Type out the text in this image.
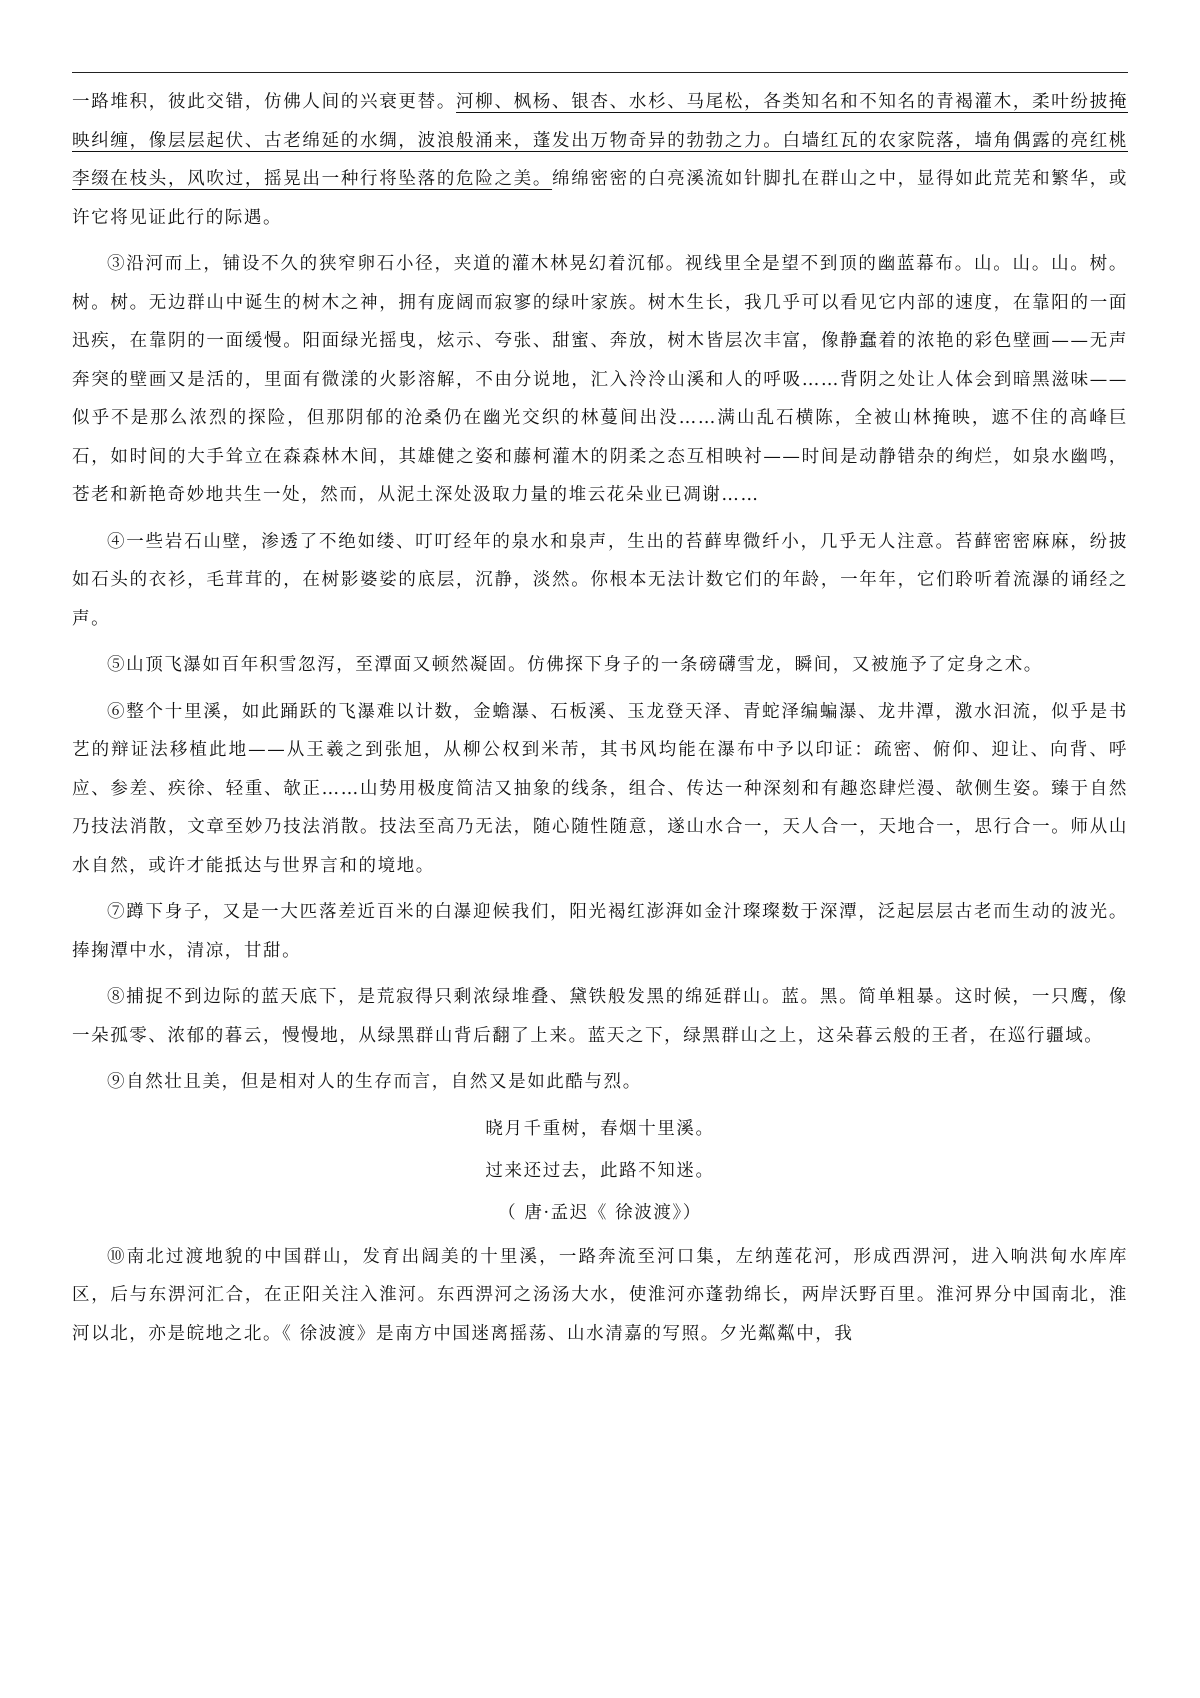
一路堆积，彼此交错，仿佛人间的兴衰更替。河柳、枫杨、银杏、水杉、马尾松，各类知名和不知名的青褐灌木，柔叶纷披掩映纠缠，像层层起伏、古老绵延的水绸，波浪般涌来，蓬发出万物奇异的勃勃之力。白墙红瓦的农家院落，墙角偶露的亮红桃李缀在枝头，风吹过，摇晃出一种行将坠落的危险之美。绵绵密密的白亮溪流如针脚扎在群山之中，显得如此荒芜和繁华，或许它将见证此行的际遇。

③沿河而上，铺设不久的狭窄卵石小径，夹道的灌木林晃幻着沉郁。视线里全是望不到顶的幽蓝幕布。山。山。山。树。树。树。无边群山中诞生的树木之神，拥有庞阔而寂寥的绿叶家族。树木生长，我几乎可以看见它内部的速度，在靠阳的一面迅疾，在靠阴的一面缓慢。阳面绿光摇曳，炫示、夸张、甜蜜、奔放，树木皆层次丰富，像静蠢着的浓艳的彩色壁画——无声奔突的壁画又是活的，里面有微漾的火影溶解，不由分说地，汇入泠泠山溪和人的呼吸……背阴之处让人体会到暗黑滋味——似乎不是那么浓烈的探险，但那阴郁的沧桑仍在幽光交织的林蔓间出没……满山乱石横陈，全被山林掩映，遮不住的高峰巨石，如时间的大手耸立在森森林木间，其雄健之姿和藤柯灌木的阴柔之态互相映衬——时间是动静错杂的绚烂，如泉水幽鸣，苍老和新艳奇妙地共生一处，然而，从泥土深处汲取力量的堆云花朵业已凋谢……

④一些岩石山壁，渗透了不绝如缕、叮叮经年的泉水和泉声，生出的苔藓卑微纤小，几乎无人注意。苔藓密密麻麻，纷披如石头的衣衫，毛茸茸的，在树影婆娑的底层，沉静，淡然。你根本无法计数它们的年龄，一年年，它们聆听着流瀑的诵经之声。

⑤山顶飞瀑如百年积雪忽泻，至潭面又顿然凝固。仿佛探下身子的一条磅礴雪龙，瞬间，又被施予了定身之术。

⑥整个十里溪，如此踊跃的飞瀑难以计数，金蟾瀑、石板溪、玉龙登天泽、青蛇泽编蝙瀑、龙井潭，激水汩流，似乎是书艺的辩证法移植此地——从王羲之到张旭，从柳公权到米芾，其书风均能在瀑布中予以印证：疏密、俯仰、迎让、向背、呼应、参差、疾徐、轻重、欹正……山势用极度简洁又抽象的线条，组合、传达一种深刻和有趣恣肆烂漫、欹侧生姿。臻于自然乃技法消散，文章至妙乃技法消散。技法至高乃无法，随心随性随意，遂山水合一，天人合一，天地合一，思行合一。师从山水自然，或许才能抵达与世界言和的境地。

⑦蹲下身子，又是一大匹落差近百米的白瀑迎候我们，阳光褐红澎湃如金汁璨璨数于深潭，泛起层层古老而生动的波光。捧掬潭中水，清凉，甘甜。

⑧捕捉不到边际的蓝天底下，是荒寂得只剩浓绿堆叠、黛铁般发黑的绵延群山。蓝。黑。简单粗暴。这时候，一只鹰，像一朵孤零、浓郁的暮云，慢慢地，从绿黑群山背后翻了上来。蓝天之下，绿黑群山之上，这朵暮云般的王者，在巡行疆域。

⑨自然壮且美，但是相对人的生存而言，自然又是如此酷与烈。

晓月千重树，春烟十里溪。
过来还过去，此路不知迷。
（ 唐·孟迟《 徐波渡》）

⑩南北过渡地貌的中国群山，发育出阔美的十里溪，一路奔流至河口集，左纳莲花河，形成西淠河，进入响洪甸水库库区，后与东淠河汇合，在正阳关注入淮河。东西淠河之汤汤大水，使淮河亦蓬勃绵长，两岸沃野百里。淮河界分中国南北，淮河以北，亦是皖地之北。《 徐波渡》是南方中国迷离摇荡、山水清嘉的写照。夕光粼粼中，我
